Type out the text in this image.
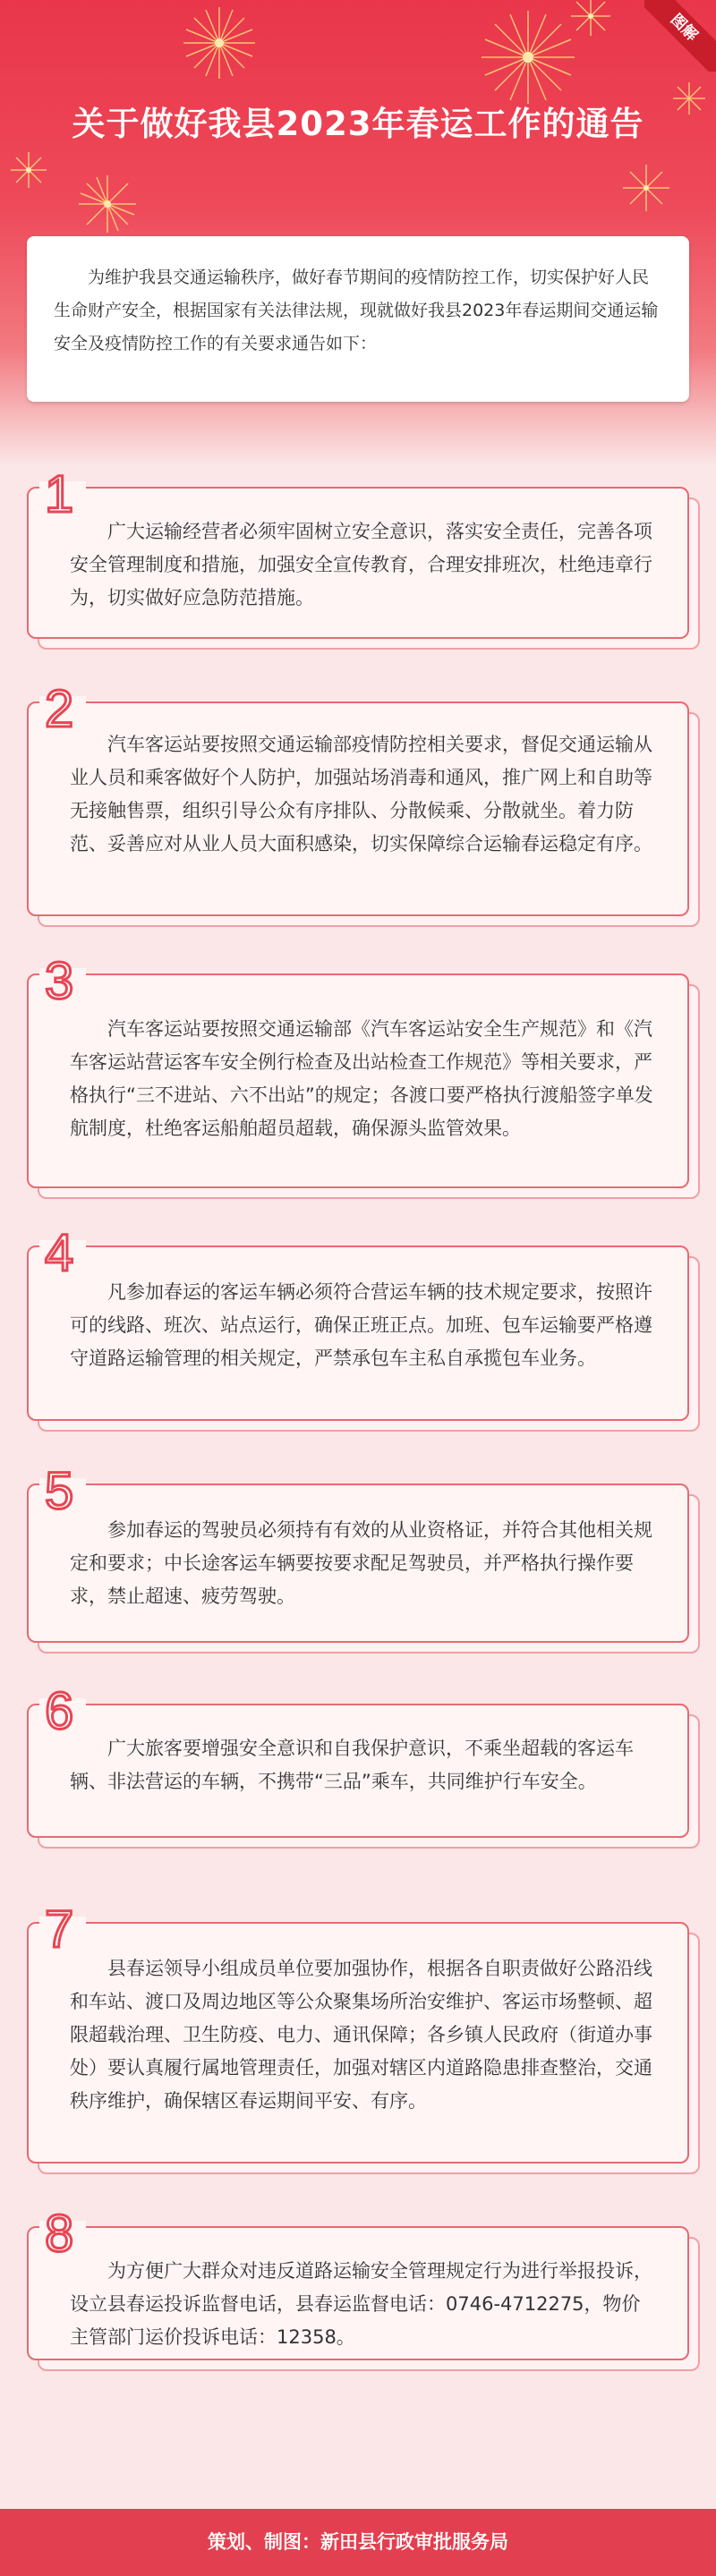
图解
关于做好我县2023年春运工作的通告
为维护我县交通运输秩序，做好春节期间的疫情防控工作，切实保护好人民生命财产安全，根据国家有关法律法规，现就做好我县2023年春运期间交通运输安全及疫情防控工作的有关要求通告如下：
1
广大运输经营者必须牢固树立安全意识，落实安全责任，完善各项安全管理制度和措施，加强安全宣传教育，合理安排班次，杜绝违章行为，切实做好应急防范措施。
2
汽车客运站要按照交通运输部疫情防控相关要求，督促交通运输从业人员和乘客做好个人防护，加强站场消毒和通风，推广网上和自助等无接触售票，组织引导公众有序排队、分散候乘、分散就坐。着力防范、妥善应对从业人员大面积感染，切实保障综合运输春运稳定有序。
3
汽车客运站要按照交通运输部《汽车客运站安全生产规范》和《汽车客运站营运客车安全例行检查及出站检查工作规范》等相关要求，严格执行“三不进站、六不出站”的规定；各渡口要严格执行渡船签字单发航制度，杜绝客运船舶超员超载，确保源头监管效果。
4
凡参加春运的客运车辆必须符合营运车辆的技术规定要求，按照许可的线路、班次、站点运行，确保正班正点。加班、包车运输要严格遵守道路运输管理的相关规定，严禁承包车主私自承揽包车业务。
5
参加春运的驾驶员必须持有有效的从业资格证，并符合其他相关规定和要求；中长途客运车辆要按要求配足驾驶员，并严格执行操作要求，禁止超速、疲劳驾驶。
6
广大旅客要增强安全意识和自我保护意识，不乘坐超载的客运车辆、非法营运的车辆，不携带“三品”乘车，共同维护行车安全。
7
县春运领导小组成员单位要加强协作，根据各自职责做好公路沿线和车站、渡口及周边地区等公众聚集场所治安维护、客运市场整顿、超限超载治理、卫生防疫、电力、通讯保障；各乡镇人民政府（街道办事处）要认真履行属地管理责任，加强对辖区内道路隐患排查整治，交通秩序维护，确保辖区春运期间平安、有序。
8
为方便广大群众对违反道路运输安全管理规定行为进行举报投诉，设立县春运投诉监督电话，县春运监督电话：0746-4712275，物价主管部门运价投诉电话：12358。
策划、制图：新田县行政审批服务局
